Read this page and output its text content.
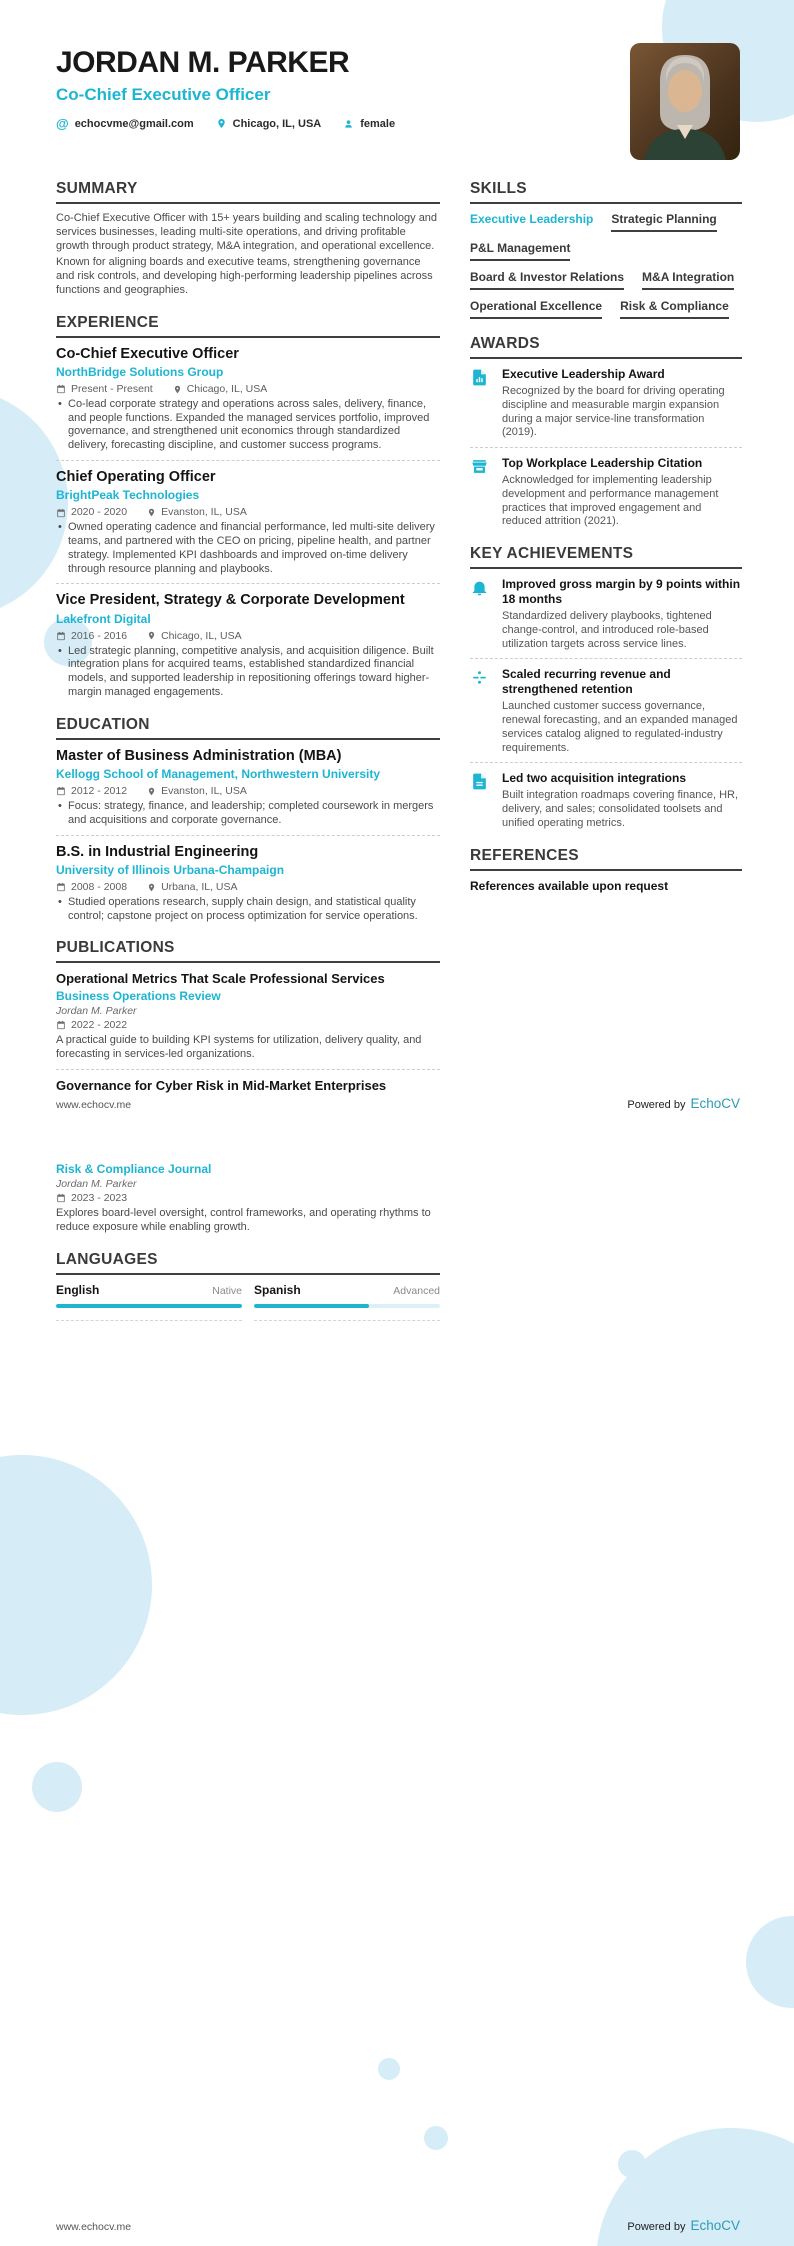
JORDAN M. PARKER
Co-Chief Executive Officer
@ echocvme@gmail.com	Chicago, IL, USA	female
SUMMARY

Co-Chief Executive Officer with 15+ years building and scaling technology and services businesses, leading multi-site operations, and driving profitable growth through product strategy, M&A integration, and operational excellence.

Known for aligning boards and executive teams, strengthening governance and risk controls, and developing high-performing leadership pipelines across functions and geographies.

EXPERIENCE
Co-Chief Executive Officer
NorthBridge Solutions Group
Present - Present	Chicago, IL, USA
• Co-lead corporate strategy and operations across sales, delivery, finance, and people functions. Expanded the managed services portfolio, improved governance, and strengthened unit economics through standardized delivery, forecasting discipline, and customer success programs.
Chief Operating Officer
BrightPeak Technologies
2020 - 2020	Evanston, IL, USA
• Owned operating cadence and financial performance, led multi-site delivery teams, and partnered with the CEO on pricing, pipeline health, and partner strategy. Implemented KPI dashboards and improved on-time delivery through resource planning and playbooks.
Vice President, Strategy & Corporate Development
Lakefront Digital
2016 - 2016	Chicago, IL, USA
• Led strategic planning, competitive analysis, and acquisition diligence. Built integration plans for acquired teams, established standardized financial models, and supported leadership in repositioning offerings toward higher-margin managed engagements.
EDUCATION
Master of Business Administration (MBA)
Kellogg School of Management, Northwestern University
2012 - 2012	Evanston, IL, USA
• Focus: strategy, finance, and leadership; completed coursework in mergers and acquisitions and corporate governance.
B.S. in Industrial Engineering
University of Illinois Urbana-Champaign
2008 - 2008	Urbana, IL, USA
• Studied operations research, supply chain design, and statistical quality control; capstone project on process optimization for service operations.
PUBLICATIONS
Operational Metrics That Scale Professional Services
Business Operations Review
Jordan M. Parker
2022 - 2022

A practical guide to building KPI systems for utilization, delivery quality, and forecasting in services-led organizations.

Governance for Cyber Risk in Mid-Market Enterprises
SKILLS
Executive Leadership Strategic Planning
P&L Management
Board & Investor Relations M&A Integration
Operational Excellence Risk & Compliance
AWARDS
Executive Leadership Award
Recognized by the board for driving operating discipline and measurable margin expansion during a major service-line transformation (2019).
Top Workplace Leadership Citation
Acknowledged for implementing leadership development and performance management practices that improved engagement and reduced attrition (2021).
KEY ACHIEVEMENTS
Improved gross margin by 9 points within 18 months
Standardized delivery playbooks, tightened change-control, and introduced role-based utilization targets across service lines.
Scaled recurring revenue and strengthened retention
Launched customer success governance, renewal forecasting, and an expanded managed services catalog aligned to regulated-industry requirements.
Led two acquisition integrations
Built integration roadmaps covering finance, HR, delivery, and sales; consolidated toolsets and unified operating metrics.
REFERENCES
References available upon request
www.echocv.me	Powered by EchoCV
Risk & Compliance Journal
Jordan M. Parker
2023 - 2023

Explores board-level oversight, control frameworks, and operating rhythms to reduce exposure while enabling growth.

LANGUAGES
English	Native Spanish	Advanced
www.echocv.me	Powered by EchoCV
